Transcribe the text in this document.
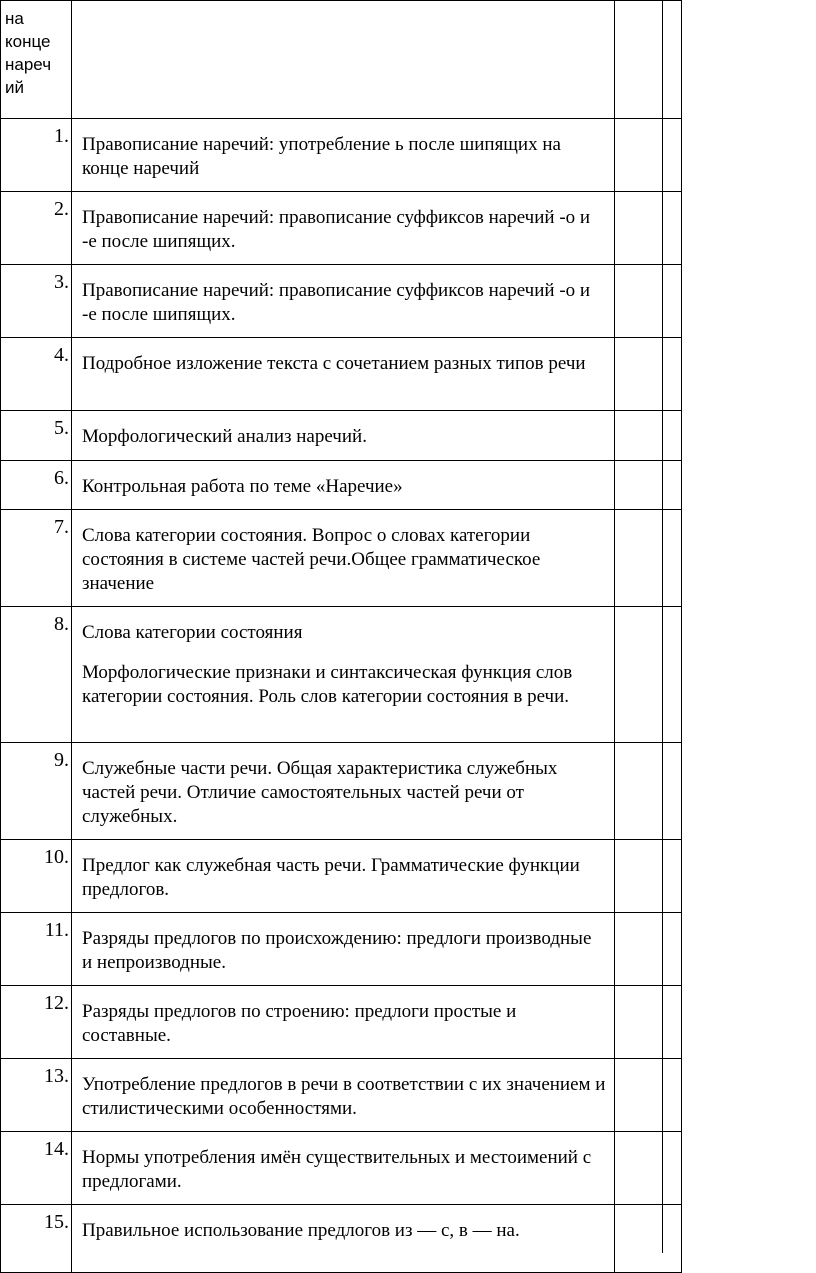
на
конце
нареч
ий		

1.	Правописание наречий: употребление ь после шипящих на конце наречий	

2.	Правописание наречий: правописание суффиксов наречий -о и -е после шипящих.	

3.	Правописание наречий: правописание суффиксов наречий -о и -е после шипящих.	

4.	Подробное изложение текста с сочетанием разных типов речи	

5.	Морфологический анализ наречий.	

6.	Контрольная работа по теме «Наречие»	

7.	Слова категории состояния. Вопрос о словах категории состояния в системе частей речи.Общее грамматическое значение	

8.	Слова категории состояния
Морфологические признаки и синтаксическая функция слов категории состояния. Роль слов категории состояния в речи.	

9.	Служебные части речи. Общая характеристика служебных частей речи. Отличие самостоятельных частей речи от служебных.	

10.	Предлог как служебная часть речи. Грамматические функции предлогов.	

11.	Разряды предлогов по происхождению: предлоги производные и непроизводные.	

12.	Разряды предлогов по строению: предлоги простые и составные.	

13.	Употребление предлогов в речи в соответствии с их значением и стилистическими особенностями.	

14.	Нормы употребления имён существительных и местоимений с предлогами.	

15.	Правильное использование предлогов из — с, в — на.	
